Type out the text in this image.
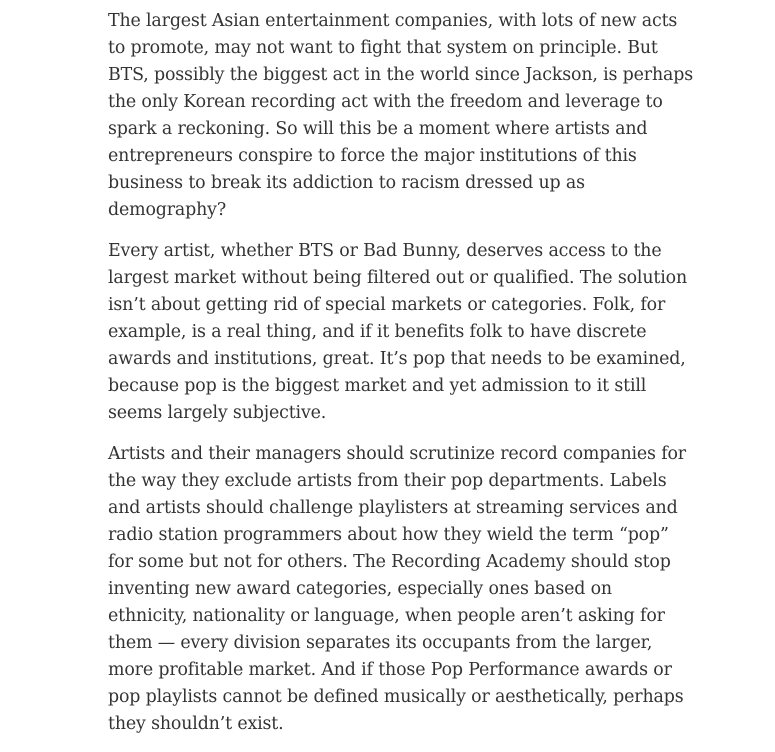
The largest Asian entertainment companies, with lots of new acts
to promote, may not want to fight that system on principle. But
BTS, possibly the biggest act in the world since Jackson, is perhaps
the only Korean recording act with the freedom and leverage to
spark a reckoning. So will this be a moment where artists and
entrepreneurs conspire to force the major institutions of this
business to break its addiction to racism dressed up as
demography?

Every artist, whether BTS or Bad Bunny, deserves access to the
largest market without being filtered out or qualified. The solution
isn’t about getting rid of special markets or categories. Folk, for
example, is a real thing, and if it benefits folk to have discrete
awards and institutions, great. It’s pop that needs to be examined,
because pop is the biggest market and yet admission to it still
seems largely subjective.

Artists and their managers should scrutinize record companies for
the way they exclude artists from their pop departments. Labels
and artists should challenge playlisters at streaming services and
radio station programmers about how they wield the term “pop”
for some but not for others. The Recording Academy should stop
inventing new award categories, especially ones based on
ethnicity, nationality or language, when people aren’t asking for
them — every division separates its occupants from the larger,
more profitable market. And if those Pop Performance awards or
pop playlists cannot be defined musically or aesthetically, perhaps
they shouldn’t exist.
